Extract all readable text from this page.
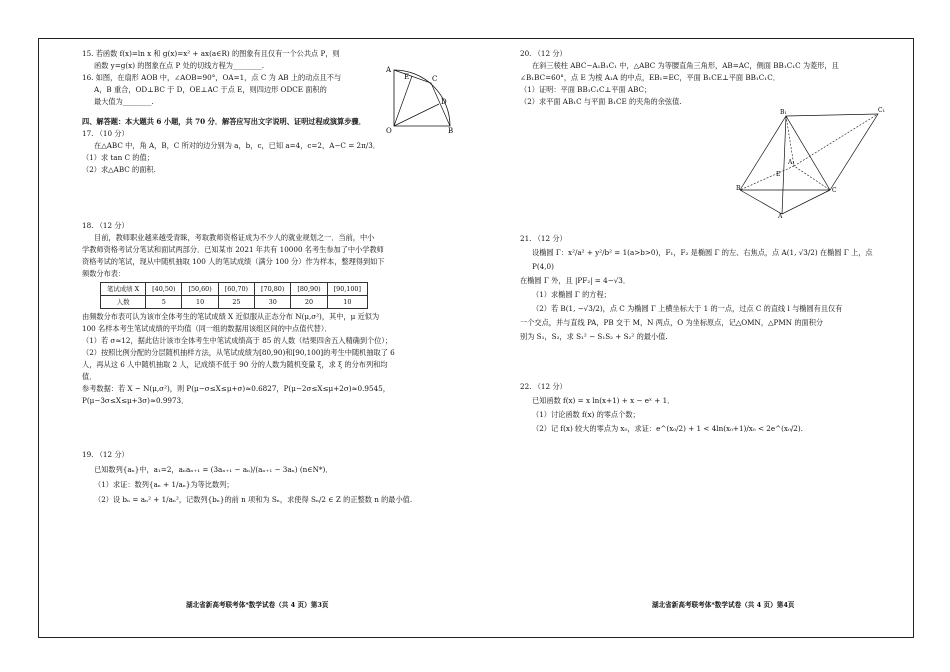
15. 若函数 f(x)=ln x 和 g(x)=x² + ax(a∈R) 的图象有且仅有一个公共点 P，则

函数 y=g(x) 的图象在点 P 处的切线方程为________.

16. 如图，在扇形 AOB 中，∠AOB=90°，OA=1，点 C 为 AB 上的动点且不与

A，B 重合，OD⊥BC 于 D，OE⊥AC 于点 E，则四边形 ODCE 面积的

最大值为________.

A
C
E
D
O	B

四、解答题：本大题共 6 小题，共 70 分．解答应写出文字说明、证明过程或演算步骤．

17. （10 分）

在△ABC 中，角 A，B，C 所对的边分别为 a，b，c，已知 a=4，c=2，A−C = 2π/3．

（1）求 tan C 的值；

（2）求△ABC 的面积.

18. （12 分）

目前，教师职业越来越受青睐，考取教师资格证成为不少人的就业规划之一．当前，中小

学教师资格考试分笔试和面试两部分．已知某市 2021 年共有 10000 名考生参加了中小学教师

资格考试的笔试，现从中随机抽取 100 人的笔试成绩（满分 100 分）作为样本，整理得到如下

频数分布表：

笔试成绩 X	[40,50)	[50,60)	[60,70)	[70,80)	[80,90)	[90,100]
人数	5	10	25	30	20	10

由频数分布表可认为该市全体考生的笔试成绩 X 近似服从正态分布 N(μ,σ²)，其中，μ 近似为

100 名样本考生笔试成绩的平均值（同一组的数据用该组区间的中点值代替）．

（1）若 σ≈12，据此估计该市全体考生中笔试成绩高于 85 的人数（结果四舍五入精确到个位）；

（2）按照比例分配的分层随机抽样方法，从笔试成绩为[80,90)和[90,100]的考生中随机抽取了 6

人，再从这 6 人中随机抽取 2 人，记成绩不低于 90 分的人数为随机变量 ξ，求 ξ 的分布列和均

值．

参考数据：若 X ~ N(μ,σ²)，则 P(μ−σ≤X≤μ+σ)≈0.6827，P(μ−2σ≤X≤μ+2σ)≈0.9545，

P(μ−3σ≤X≤μ+3σ)≈0.9973．

19. （12 分）

已知数列{aₙ}中，a₁=2，aₙaₙ₊₁ = (3aₙ₊₁ − aₙ)/(aₙ₊₁ − 3aₙ) (n∈N*)．

（1）求证：数列{aₙ + 1/aₙ}为等比数列；

（2）设 bₙ = aₙ² + 1/aₙ²，记数列{bₙ}的前 n 项和为 Sₙ，求使得 Sₙ/2 ∈ Z 的正整数 n 的最小值.

湖北省新高考联考体*数学试卷（共 4 页）第3页

20. （12 分）

在斜三棱柱 ABC−A₁B₁C₁ 中，△ABC 为等腰直角三角形，AB=AC，侧面 BB₁C₁C 为菱形，且

∠B₁BC=60°，点 E 为棱 A₁A 的中点，EB₁=EC，平面 B₁CE⊥平面 BB₁C₁C．

（1）证明：平面 BB₁C₁C⊥平面 ABC；

（2）求平面 AB₁C 与平面 B₁CE 的夹角的余弦值.

B₁	C₁
A₁
E
B	C
A

21. （12 分）

设椭圆 Γ：x²/a² + y²/b² = 1(a>b>0)，F₁，F₂ 是椭圆 Γ 的左、右焦点，点 A(1, √3/2) 在椭圆 Γ 上，点 P(4,0)

在椭圆 Γ 外，且 |PF₂| = 4−√3．

（1）求椭圆 Γ 的方程；

（2）若 B(1, −√3/2)，点 C 为椭圆 Γ 上横坐标大于 1 的一点，过点 C 的直线 l 与椭圆有且仅有

一个交点，并与直线 PA，PB 交于 M，N 两点，O 为坐标原点，记△OMN，△PMN 的面积分

别为 S₁，S₂，求 S₁² − S₁S₂ + S₂² 的最小值.

22. （12 分）

已知函数 f(x) = x ln(x+1) + x − eˣ + 1．

（1）讨论函数 f(x) 的零点个数；

（2）记 f(x) 较大的零点为 x₀，求证：e^(x₀/2) + 1 < 4ln(x₀+1)/x₀ < 2e^(x₀/2).

湖北省新高考联考体*数学试卷（共 4 页）第4页
